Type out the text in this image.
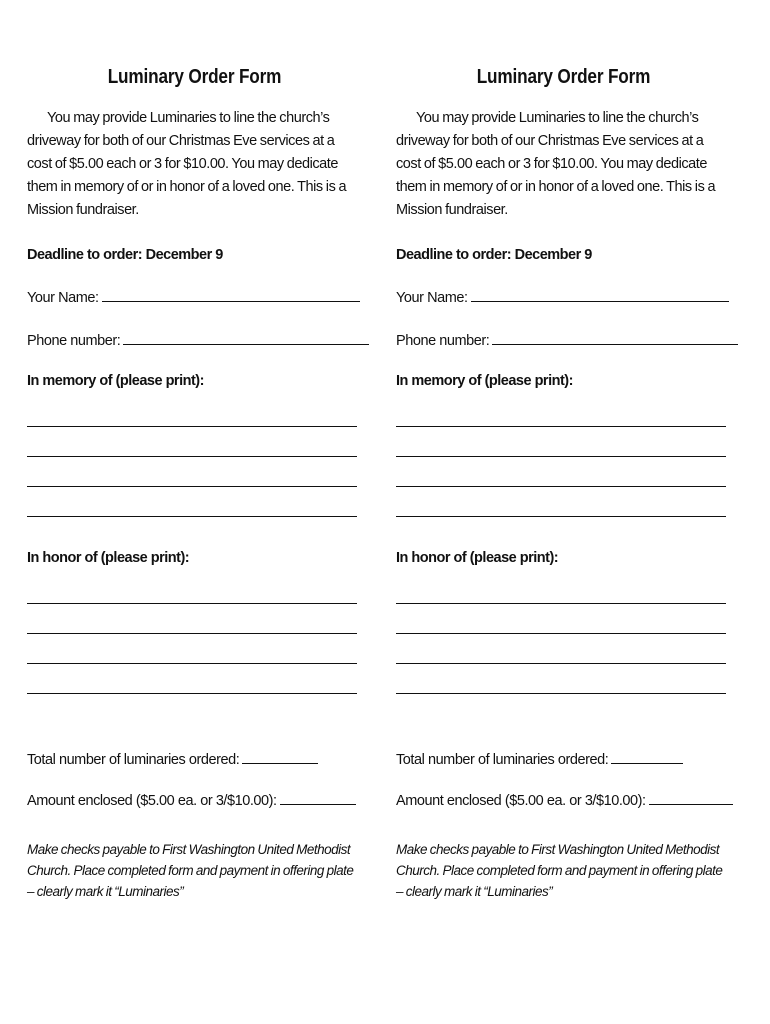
Luminary Order Form
You may provide Luminaries to line the church’s driveway for both of our Christmas Eve services at a cost of $5.00 each or 3 for $10.00. You may dedicate them in memory of or in honor of a loved one. This is a Mission fundraiser.
Deadline to order: December 9
Your Name:
Phone number:
In memory of (please print):
In honor of (please print):
Total number of luminaries ordered:
Amount enclosed ($5.00 ea. or 3/$10.00):
Make checks payable to First Washington United Methodist Church. Place completed form and payment in offering plate – clearly mark it “Luminaries”
Luminary Order Form
You may provide Luminaries to line the church’s driveway for both of our Christmas Eve services at a cost of $5.00 each or 3 for $10.00. You may dedicate them in memory of or in honor of a loved one. This is a Mission fundraiser.
Deadline to order: December 9
Your Name:
Phone number:
In memory of (please print):
In honor of (please print):
Total number of luminaries ordered:
Amount enclosed ($5.00 ea. or 3/$10.00):
Make checks payable to First Washington United Methodist Church. Place completed form and payment in offering plate – clearly mark it “Luminaries”
